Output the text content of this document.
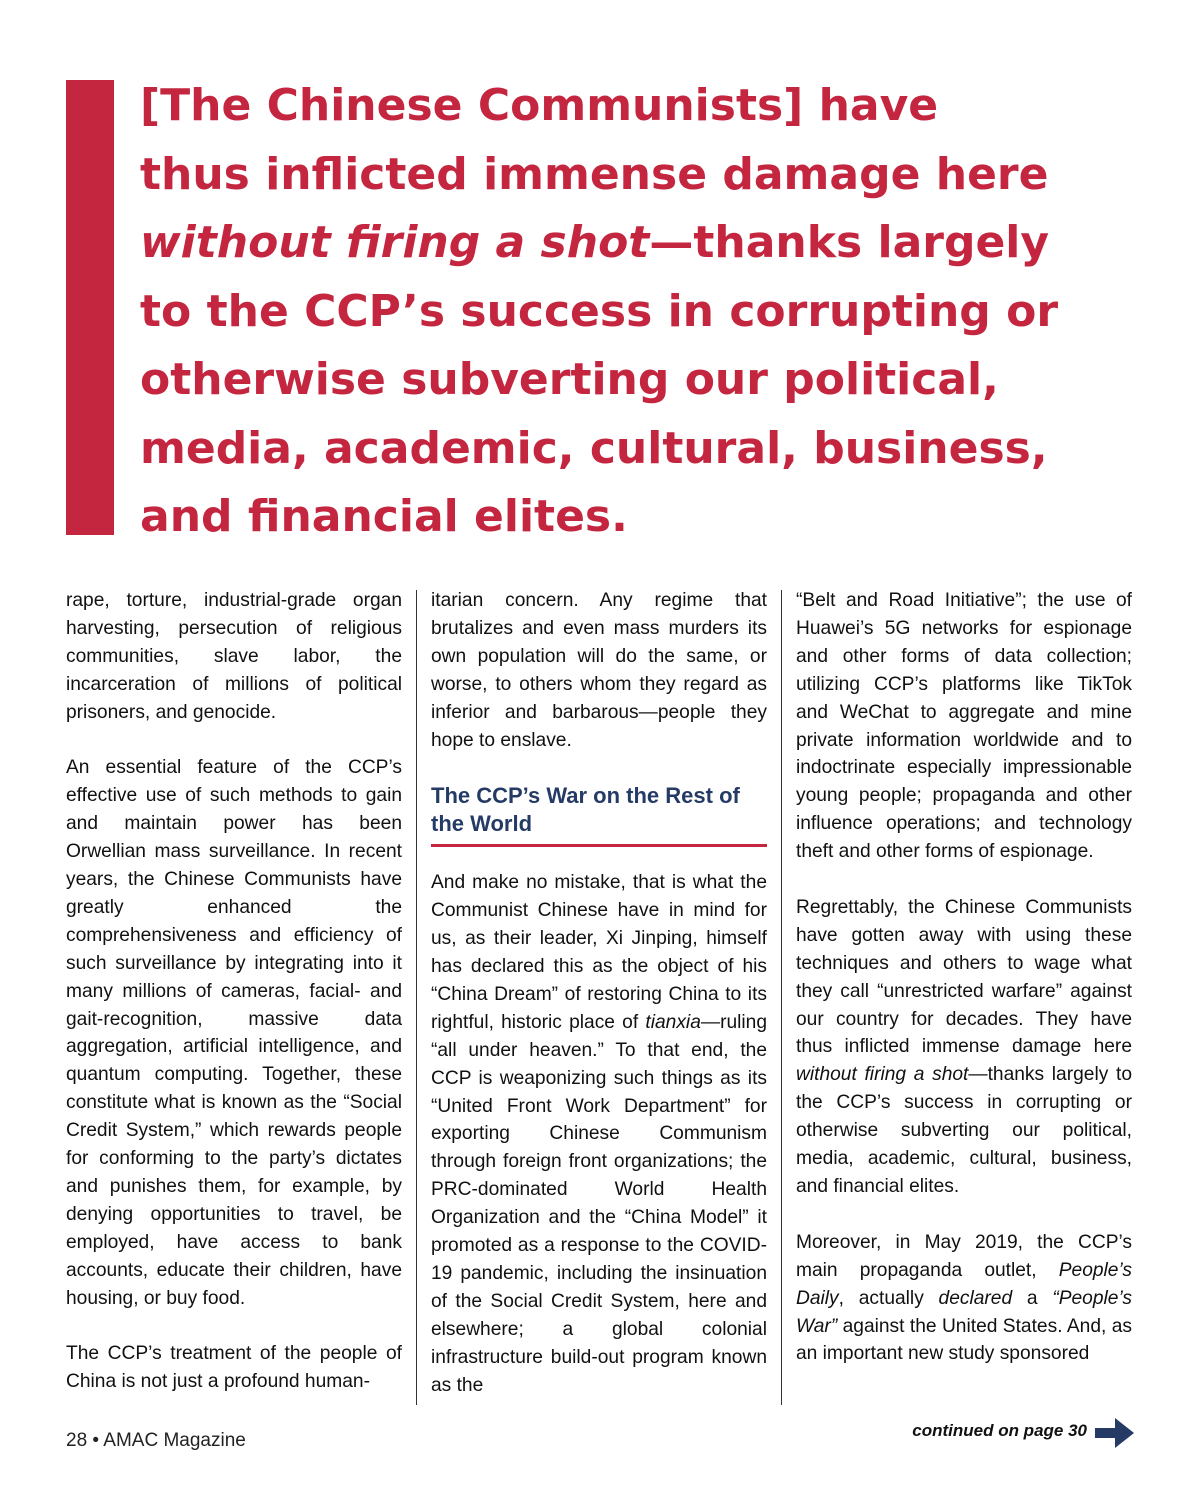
[The Chinese Communists] have
thus inflicted immense damage here
without firing a shot—thanks largely
to the CCP’s success in corrupting or
otherwise subverting our political,
media, academic, cultural, business,
and financial elites.

rape, torture, industrial-grade organ harvesting, persecution of religious communities, slave labor, the incarceration of millions of political prisoners, and genocide.

An essential feature of the CCP’s effective use of such methods to gain and maintain power has been Orwellian mass surveillance. In recent years, the Chinese Communists have greatly enhanced the comprehensiveness and efficiency of such surveillance by integrating into it many millions of cameras, facial- and gait-recognition, massive data aggregation, artificial intelligence, and quantum computing. Together, these constitute what is known as the “Social Credit System,” which rewards people for conforming to the party’s dictates and punishes them, for example, by denying opportunities to travel, be employed, have access to bank accounts, educate their children, have housing, or buy food.

The CCP’s treatment of the people of China is not just a profound human-

itarian concern. Any regime that brutalizes and even mass murders its own population will do the same, or worse, to others whom they regard as inferior and barbarous—people they hope to enslave.

The CCP’s War on the Rest of the World

And make no mistake, that is what the Communist Chinese have in mind for us, as their leader, Xi Jinping, himself has declared this as the object of his “China Dream” of restoring China to its rightful, historic place of tianxia—ruling “all under heaven.” To that end, the CCP is weaponizing such things as its “United Front Work Department” for exporting Chinese Communism through foreign front organizations; the PRC-dominated World Health Organization and the “China Model” it promoted as a response to the COVID-19 pandemic, including the insinuation of the Social Credit System, here and elsewhere; a global colonial infrastructure build-out program known as the

“Belt and Road Initiative”; the use of Huawei’s 5G networks for espionage and other forms of data collection; utilizing CCP’s platforms like TikTok and WeChat to aggregate and mine private information worldwide and to indoctrinate especially impressionable young people; propaganda and other influence operations; and technology theft and other forms of espionage.

Regrettably, the Chinese Communists have gotten away with using these techniques and others to wage what they call “unrestricted warfare” against our country for decades. They have thus inflicted immense damage here without firing a shot—thanks largely to the CCP’s success in corrupting or otherwise subverting our political, media, academic, cultural, business, and financial elites.

Moreover, in May 2019, the CCP’s main propaganda outlet, People’s Daily, actually declared a “People’s War” against the United States. And, as an important new study sponsored

28 • AMAC Magazine	continued on page 30
